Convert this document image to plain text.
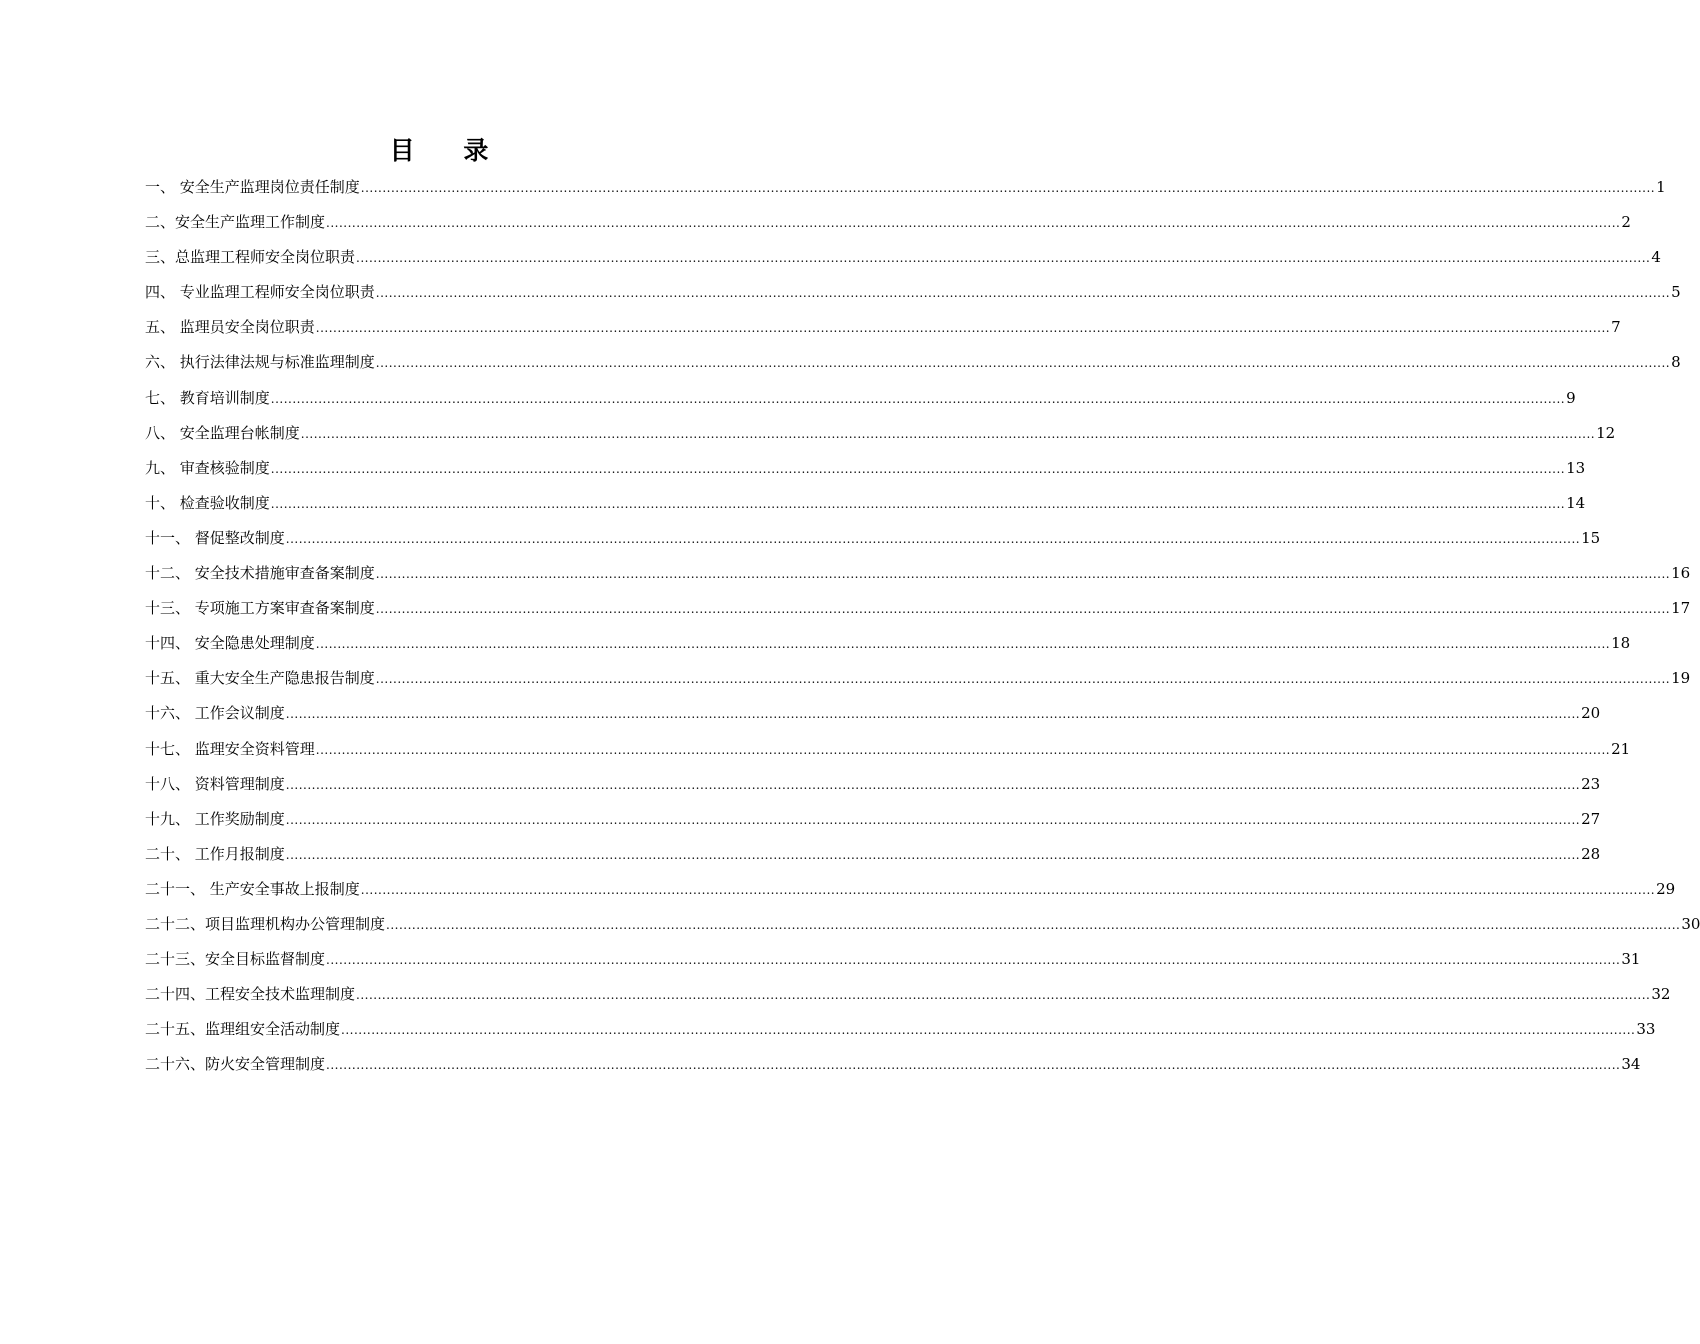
目 录
一、 安全生产监理岗位责任制度 ............................................................................................................................................................................................................................................................................................................ 1
二、安全生产监理工作制度 ............................................................................................................................................................................................................................................................................................................ 2
三、总监理工程师安全岗位职责 ............................................................................................................................................................................................................................................................................................................ 4
四、 专业监理工程师安全岗位职责 ............................................................................................................................................................................................................................................................................................................ 5
五、 监理员安全岗位职责 ............................................................................................................................................................................................................................................................................................................ 7
六、 执行法律法规与标准监理制度 ............................................................................................................................................................................................................................................................................................................ 8
七、 教育培训制度 ............................................................................................................................................................................................................................................................................................................ 9
八、 安全监理台帐制度 ............................................................................................................................................................................................................................................................................................................ 12
九、 审查核验制度 ............................................................................................................................................................................................................................................................................................................ 13
十、 检查验收制度 ............................................................................................................................................................................................................................................................................................................ 14
十一、 督促整改制度 ............................................................................................................................................................................................................................................................................................................ 15
十二、 安全技术措施审查备案制度 ............................................................................................................................................................................................................................................................................................................ 16
十三、 专项施工方案审查备案制度 ............................................................................................................................................................................................................................................................................................................ 17
十四、 安全隐患处理制度 ............................................................................................................................................................................................................................................................................................................ 18
十五、 重大安全生产隐患报告制度 ............................................................................................................................................................................................................................................................................................................ 19
十六、 工作会议制度 ............................................................................................................................................................................................................................................................................................................ 20
十七、 监理安全资料管理 ............................................................................................................................................................................................................................................................................................................ 21
十八、 资料管理制度 ............................................................................................................................................................................................................................................................................................................ 23
十九、 工作奖励制度 ............................................................................................................................................................................................................................................................................................................ 27
二十、 工作月报制度 ............................................................................................................................................................................................................................................................................................................ 28
二十一、 生产安全事故上报制度 ............................................................................................................................................................................................................................................................................................................ 29
二十二、项目监理机构办公管理制度 ............................................................................................................................................................................................................................................................................................................ 30
二十三、安全目标监督制度 ............................................................................................................................................................................................................................................................................................................ 31
二十四、工程安全技术监理制度 ............................................................................................................................................................................................................................................................................................................ 32
二十五、监理组安全活动制度 ............................................................................................................................................................................................................................................................................................................ 33
二十六、防火安全管理制度 ............................................................................................................................................................................................................................................................................................................ 34
